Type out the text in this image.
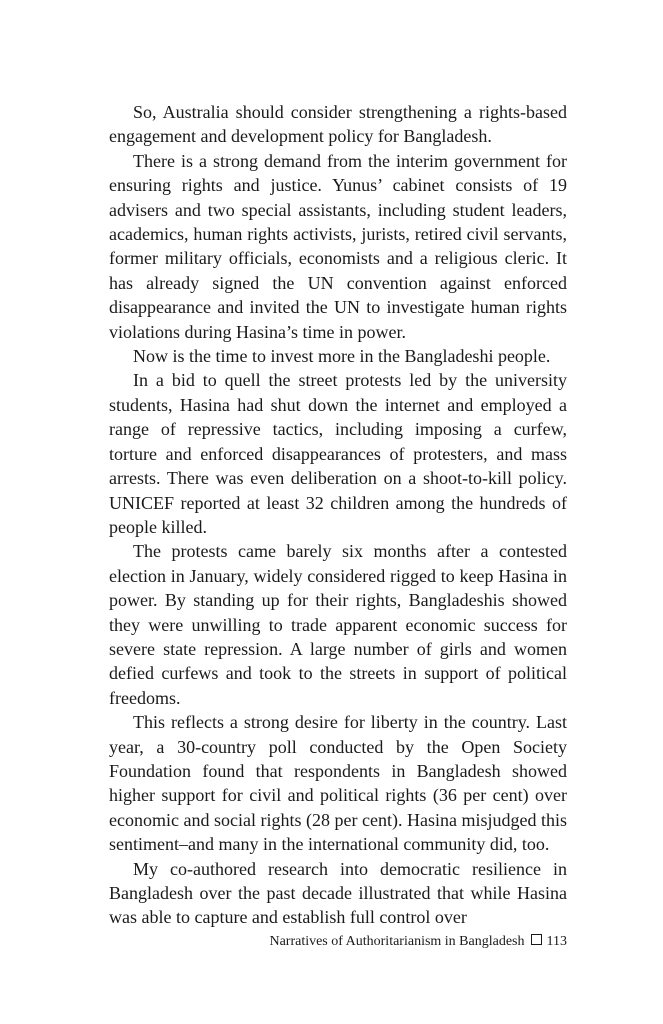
So, Australia should consider strengthening a rights-based engagement and development policy for Bangladesh.

There is a strong demand from the interim government for ensuring rights and justice. Yunus’ cabinet consists of 19 advisers and two special assistants, including student leaders, academics, human rights activists, jurists, retired civil servants, former military officials, economists and a religious cleric. It has already signed the UN convention against enforced disappearance and invited the UN to investigate human rights violations during Hasina’s time in power.

Now is the time to invest more in the Bangladeshi people.

In a bid to quell the street protests led by the university students, Hasina had shut down the internet and employed a range of repressive tactics, including imposing a curfew, torture and enforced disappearances of protesters, and mass arrests. There was even deliberation on a shoot-to-kill policy. UNICEF reported at least 32 children among the hundreds of people killed.

The protests came barely six months after a contested election in January, widely considered rigged to keep Hasina in power. By standing up for their rights, Bangladeshis showed they were unwilling to trade apparent economic success for severe state repression. A large number of girls and women defied curfews and took to the streets in support of political freedoms.

This reflects a strong desire for liberty in the country. Last year, a 30-country poll conducted by the Open Society Foundation found that respondents in Bangladesh showed higher support for civil and political rights (36 per cent) over economic and social rights (28 per cent). Hasina misjudged this sentiment–and many in the international community did, too.

My co-authored research into democratic resilience in Bangladesh over the past decade illustrated that while Hasina was able to capture and establish full control over

Narratives of Authoritarianism in Bangladesh 113
